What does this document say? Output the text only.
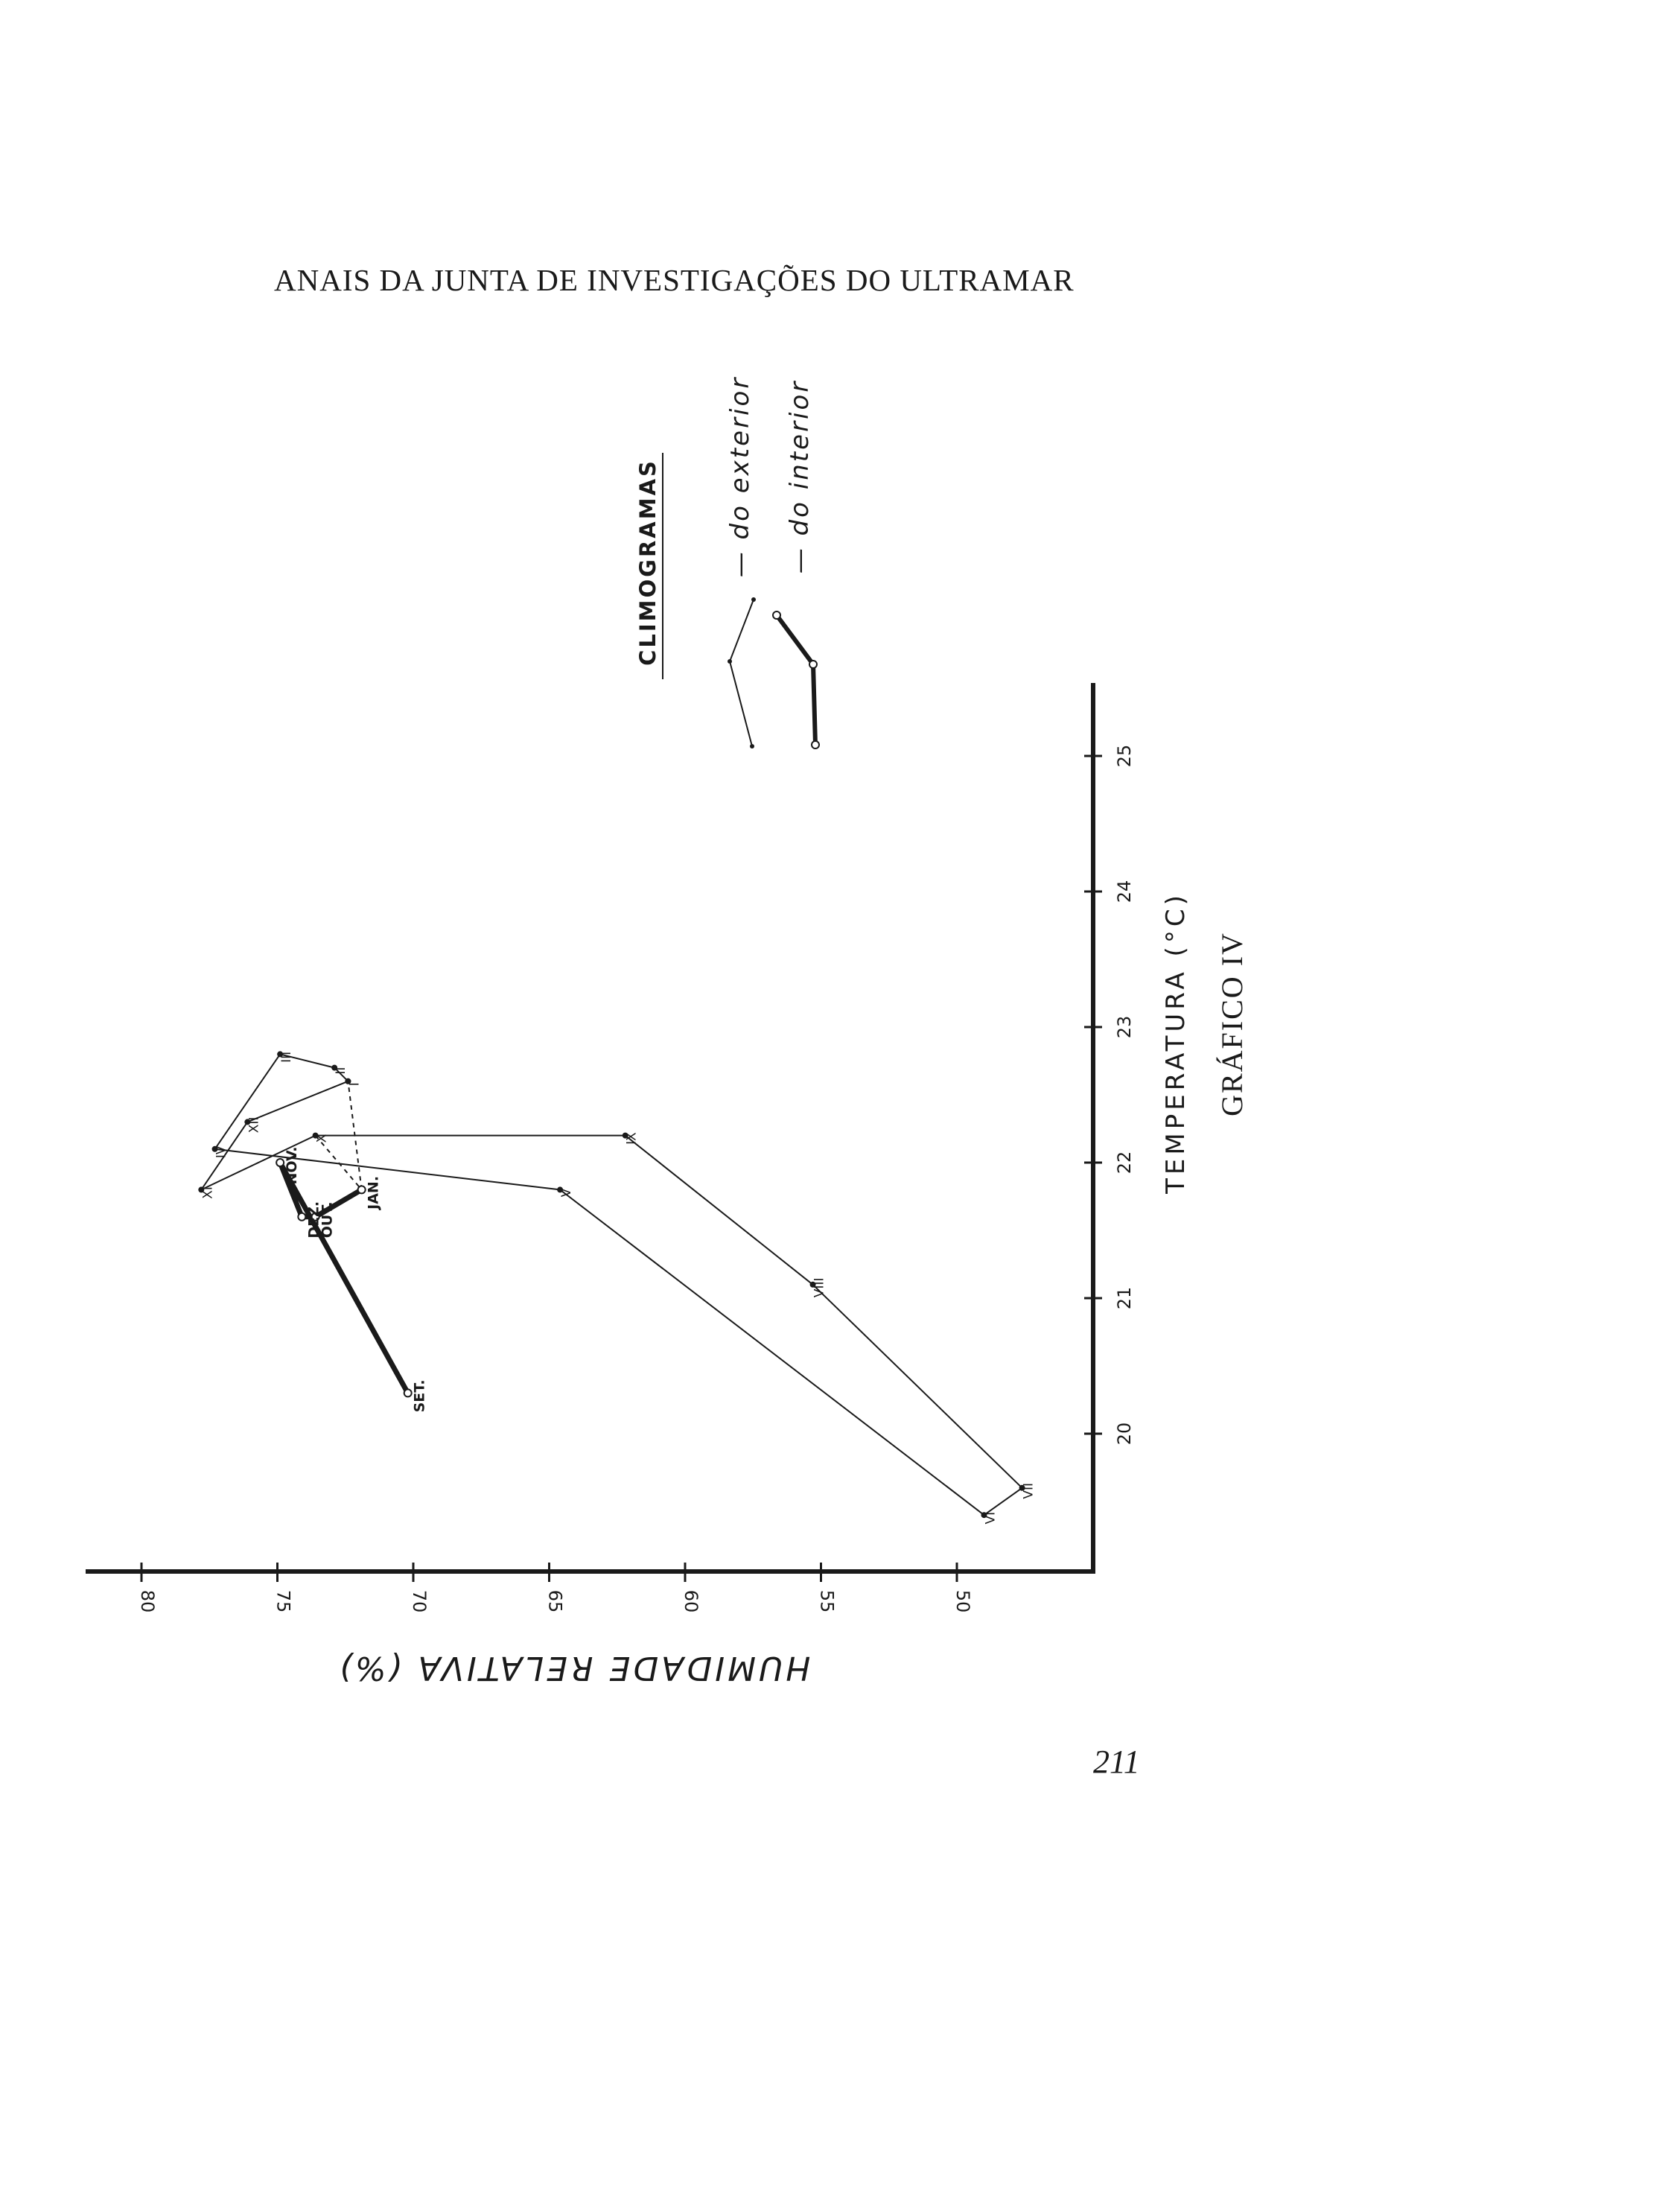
ANAIS DA JUNTA DE INVESTIGAÇÕES DO ULTRAMAR
20
21
22
23
24
25
80	75	70	65	60	55	50
I
II
III
IV
V
VI
VII
VIII
IX
X
XI
XII
JAN.
OUT.
DEZ.
NOV.
SET.
HUMIDADE RELATIVA (%)
TEMPERATURA (°C) GRÁFICO IV
CLIMOGRAMAS	— do exterior — do interior
211
